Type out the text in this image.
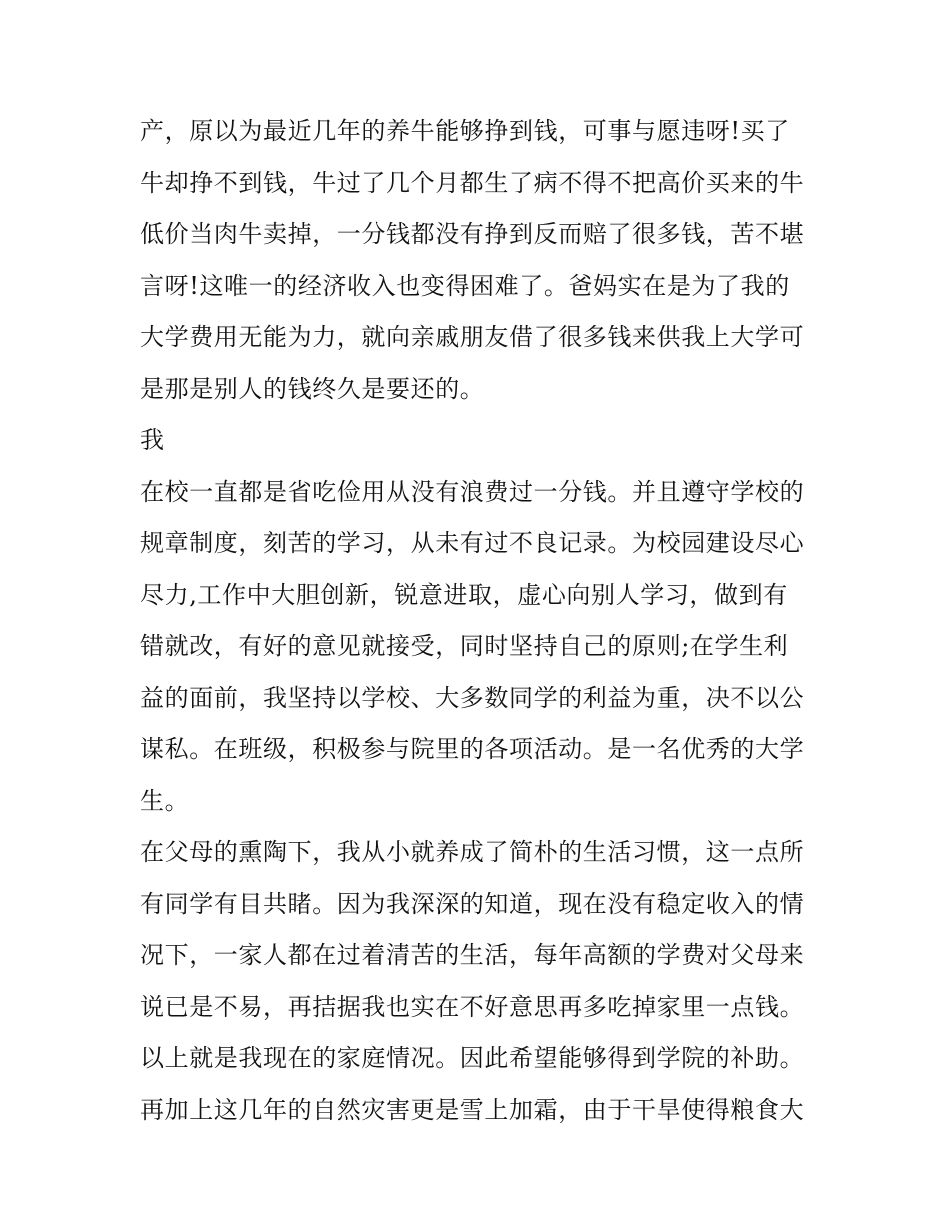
产，原以为最近几年的养牛能够挣到钱，可事与愿违呀!买了
牛却挣不到钱，牛过了几个月都生了病不得不把高价买来的牛
低价当肉牛卖掉，一分钱都没有挣到反而赔了很多钱，苦不堪
言呀!这唯一的经济收入也变得困难了。爸妈实在是为了我的
大学费用无能为力，就向亲戚朋友借了很多钱来供我上大学可
是那是别人的钱终久是要还的。
我
在校一直都是省吃俭用从没有浪费过一分钱。并且遵守学校的
规章制度，刻苦的学习，从未有过不良记录。为校园建设尽心
尽力,工作中大胆创新，锐意进取，虚心向别人学习，做到有
错就改，有好的意见就接受，同时坚持自己的原则;在学生利
益的面前，我坚持以学校、大多数同学的利益为重，决不以公
谋私。在班级，积极参与院里的各项活动。是一名优秀的大学
生。
在父母的熏陶下，我从小就养成了简朴的生活习惯，这一点所
有同学有目共睹。因为我深深的知道，现在没有稳定收入的情
况下，一家人都在过着清苦的生活，每年高额的学费对父母来
说已是不易，再拮据我也实在不好意思再多吃掉家里一点钱。
以上就是我现在的家庭情况。因此希望能够得到学院的补助。
再加上这几年的自然灾害更是雪上加霜，由于干旱使得粮食大
